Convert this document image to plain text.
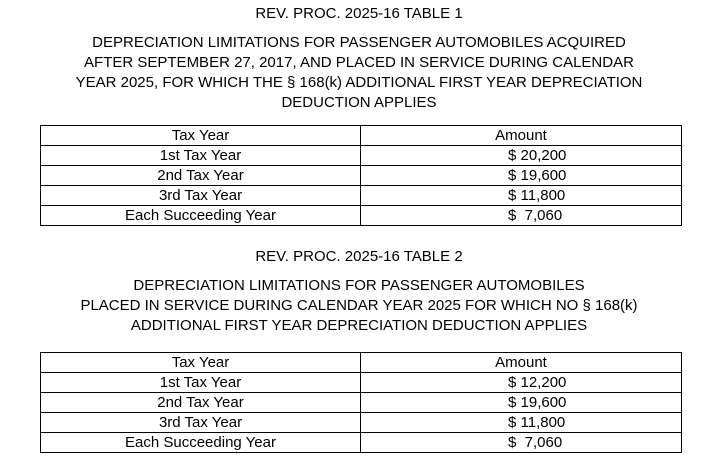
REV. PROC. 2025-16 TABLE 1
DEPRECIATION LIMITATIONS FOR PASSENGER AUTOMOBILES ACQUIRED
AFTER SEPTEMBER 27, 2017, AND PLACED IN SERVICE DURING CALENDAR
YEAR 2025, FOR WHICH THE § 168(k) ADDITIONAL FIRST YEAR DEPRECIATION
DEDUCTION APPLIES
Tax Year	Amount
1st Tax Year	$ 20,200
2nd Tax Year	$ 19,600
3rd Tax Year	$ 11,800
Each Succeeding Year	$  7,060
REV. PROC. 2025-16 TABLE 2
DEPRECIATION LIMITATIONS FOR PASSENGER AUTOMOBILES
PLACED IN SERVICE DURING CALENDAR YEAR 2025 FOR WHICH NO § 168(k)
ADDITIONAL FIRST YEAR DEPRECIATION DEDUCTION APPLIES
Tax Year	Amount
1st Tax Year	$ 12,200
2nd Tax Year	$ 19,600
3rd Tax Year	$ 11,800
Each Succeeding Year	$  7,060
